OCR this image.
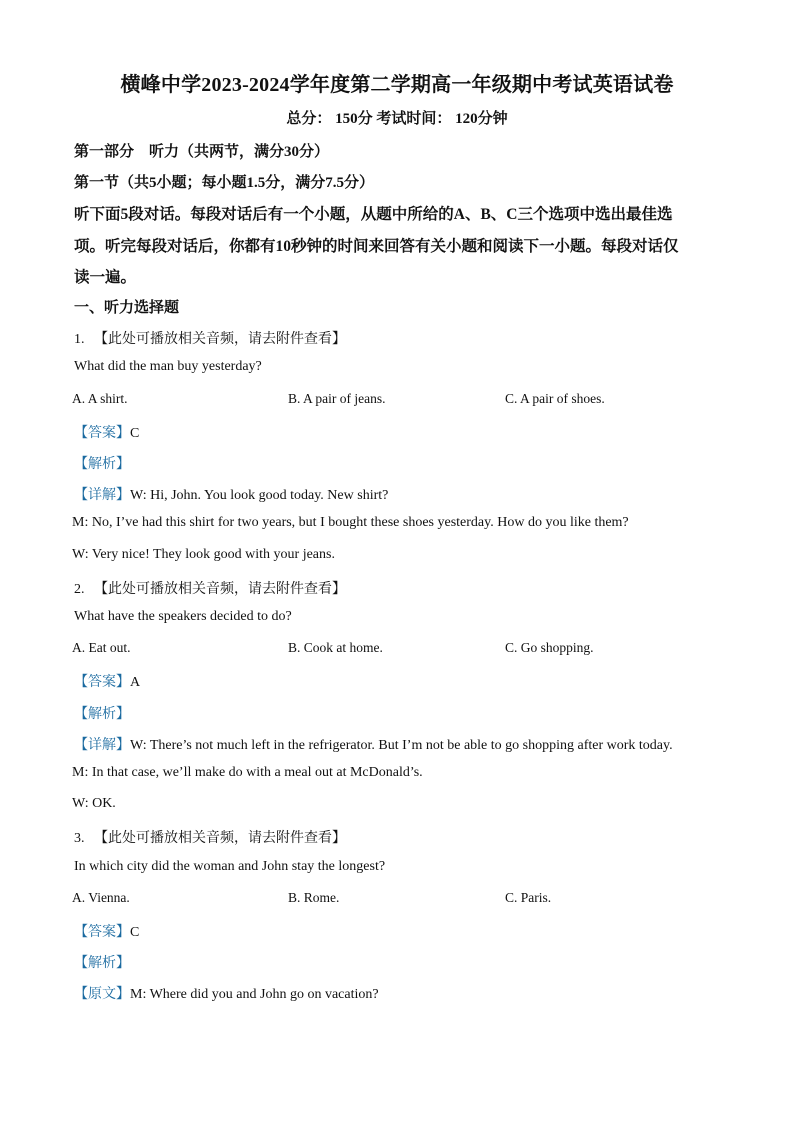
横峰中学2023-2024学年度第二学期高一年级期中考试英语试卷
总分： 150分 考试时间： 120分钟
第一部分　听力（共两节，满分30分）
第一节（共5小题；每小题1.5分，满分7.5分）
听下面5段对话。每段对话后有一个小题，从题中所给的A、B、C三个选项中选出最佳选
项。听完每段对话后，你都有10秒钟的时间来回答有关小题和阅读下一小题。每段对话仅
读一遍。
一、听力选择题
1. 【此处可播放相关音频，请去附件查看】
What did the man buy yesterday?
A. A shirt.	B. A pair of jeans.	C. A pair of shoes.
【答案】C
【解析】
【详解】W: Hi, John. You look good today. New shirt?
M: No, I’ve had this shirt for two years, but I bought these shoes yesterday. How do you like them?
W: Very nice! They look good with your jeans.
2. 【此处可播放相关音频，请去附件查看】
What have the speakers decided to do?
A. Eat out.	B. Cook at home.	C. Go shopping.
【答案】A
【解析】
【详解】W: There’s not much left in the refrigerator. But I’m not be able to go shopping after work today.
M: In that case, we’ll make do with a meal out at McDonald’s.
W: OK.
3. 【此处可播放相关音频，请去附件查看】
In which city did the woman and John stay the longest?
A. Vienna.	B. Rome.	C. Paris.
【答案】C
【解析】
【原文】M: Where did you and John go on vacation?
